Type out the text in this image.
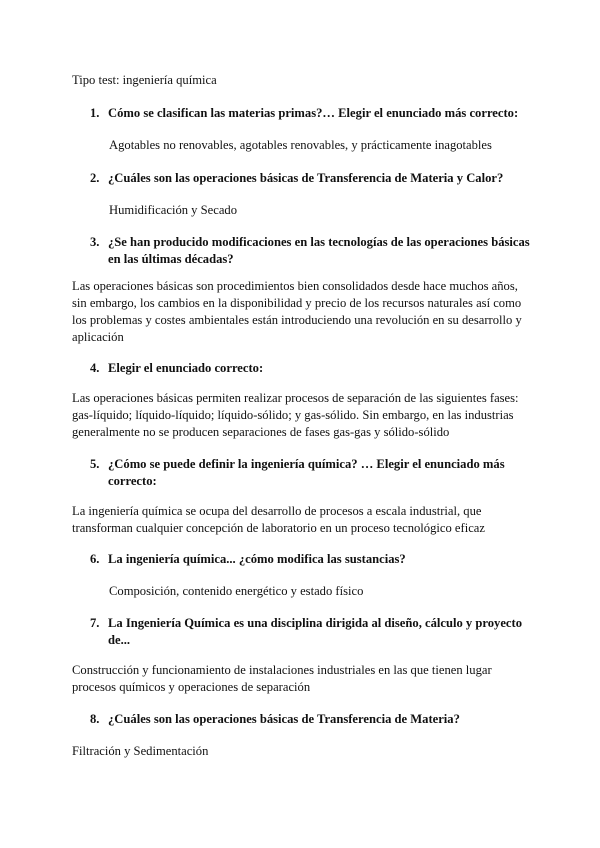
Tipo test: ingeniería química
1. Cómo se clasifican las materias primas?… Elegir el enunciado más correcto:
Agotables no renovables, agotables renovables, y prácticamente inagotables
2. ¿Cuáles son las operaciones básicas de Transferencia de Materia y Calor?
Humidificación y Secado
3. ¿Se han producido modificaciones en las tecnologías de las operaciones básicas en las últimas décadas?
Las operaciones básicas son procedimientos bien consolidados desde hace muchos años, sin embargo, los cambios en la disponibilidad y precio de los recursos naturales así como los problemas y costes ambientales están introduciendo una revolución en su desarrollo y aplicación
4. Elegir el enunciado correcto:
Las operaciones básicas permiten realizar procesos de separación de las siguientes fases: gas-líquido; líquido-líquido; líquido-sólido; y gas-sólido. Sin embargo, en las industrias generalmente no se producen separaciones de fases gas-gas y sólido-sólido
5. ¿Cómo se puede definir la ingeniería química? … Elegir el enunciado más correcto:
La ingeniería química se ocupa del desarrollo de procesos a escala industrial, que transforman cualquier concepción de laboratorio en un proceso tecnológico eficaz
6. La ingeniería química... ¿cómo modifica las sustancias?
Composición, contenido energético y estado físico
7. La Ingeniería Química es una disciplina dirigida al diseño, cálculo y proyecto de...
Construcción y funcionamiento de instalaciones industriales en las que tienen lugar procesos químicos y operaciones de separación
8. ¿Cuáles son las operaciones básicas de Transferencia de Materia?
Filtración y Sedimentación
